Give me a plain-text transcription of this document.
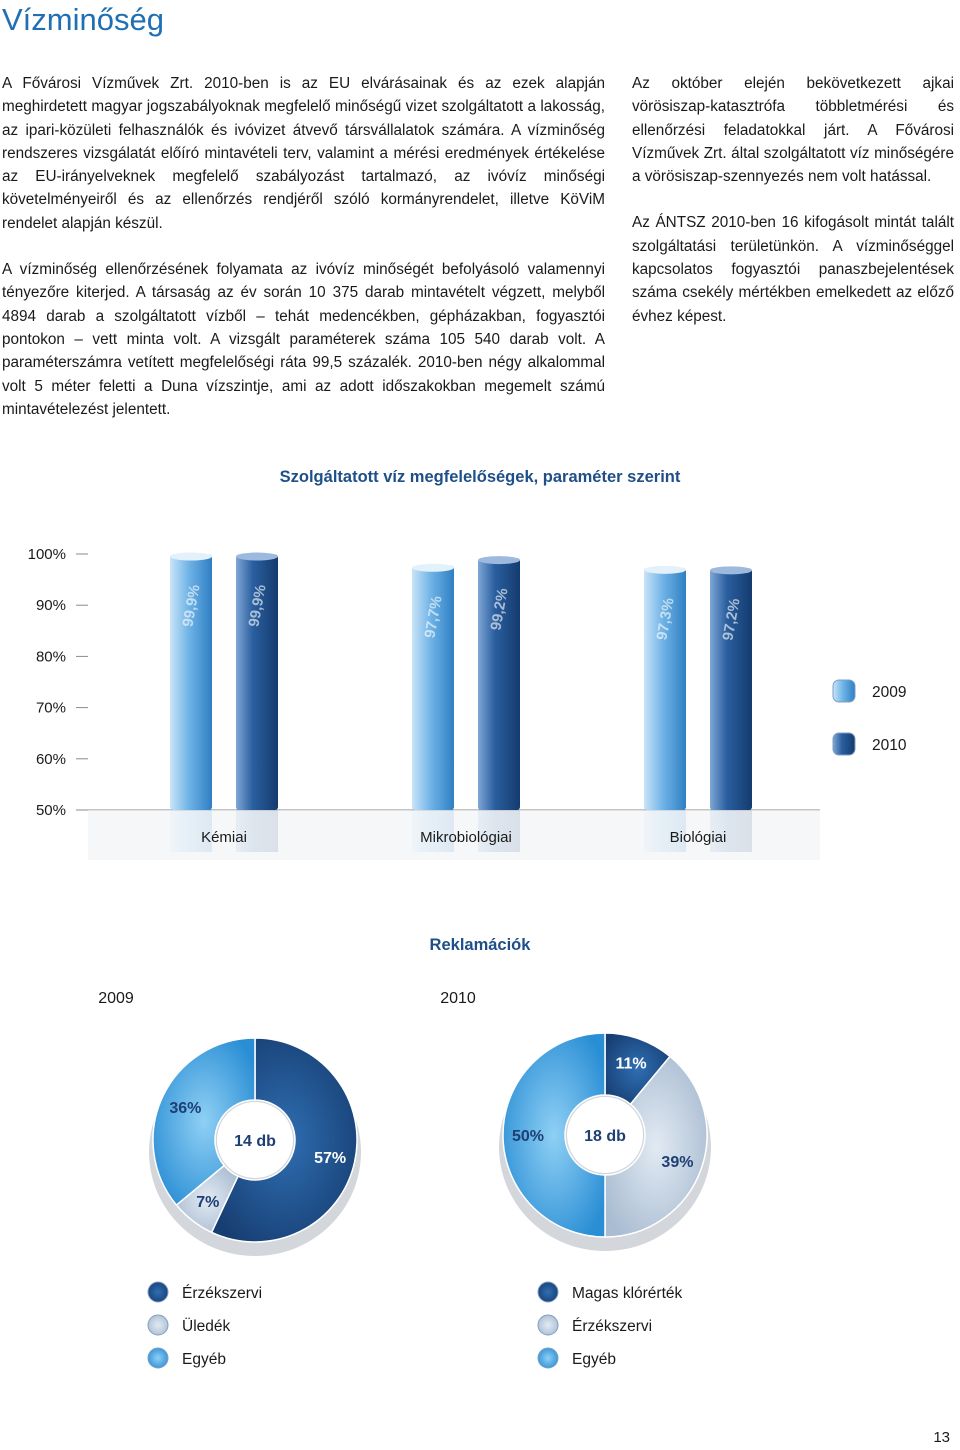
Vízminőség

A Fővárosi Vízművek Zrt. 2010-ben is az EU elvárásainak és az ezek alapján meghirdetett magyar jogszabályoknak megfelelő minőségű vizet szolgáltatott a lakosság, az ipari-közületi felhasználók és ivóvizet átvevő társvállalatok számára. A vízminőség rendszeres vizsgálatát előíró mintavételi terv, valamint a mérési eredmények értékelése az EU-irányelveknek megfelelő szabályozást tartalmazó, az ivóvíz minőségi követelményeiről és az ellenőrzés rendjéről szóló kormányrendelet, illetve KöViM rendelet alapján készül.

A vízminőség ellenőrzésének folyamata az ivóvíz minőségét befolyásoló valamennyi tényezőre kiterjed. A társaság az év során 10 375 darab mintavételt végzett, melyből 4894 darab a szolgáltatott vízből – tehát medencékben, gépházakban, fogyasztói pontokon – vett minta volt. A vizsgált paraméterek száma 105 540 darab volt. A paraméterszámra vetített megfelelőségi ráta 99,5 százalék. 2010-ben négy alkalommal volt 5 méter feletti a Duna vízszintje, ami az adott időszakokban megemelt számú mintavételezést jelentett.

Az október elején bekövetkezett ajkai vörösiszap-katasztrófa többletmérési és ellenőrzési feladatokkal járt. A Fővárosi Vízművek Zrt. által szolgáltatott víz minőségére a vörösiszap-szennyezés nem volt hatással.

Az ÁNTSZ 2010-ben 16 kifogásolt mintát talált szolgáltatási területünkön. A vízminőséggel kapcsolatos fogyasztói panaszbejelentések száma csekély mértékben emelkedett az előző évhez képest.

Szolgáltatott víz megfelelőségek, paraméter szerint
100%
90%
80%
70%
60%
50%
99,9%	99,9%	97,7%	99,2%	97,3%	97,2%
Kémiai	Mikrobiológiai	Biológiai
2009
2010
Reklamációk
2009
57%
7%
36%
14 db
Érzékszervi
Üledék
Egyéb
2010
11%
39%
50%	18 db
Magas klórérték
Érzékszervi
Egyéb
13
